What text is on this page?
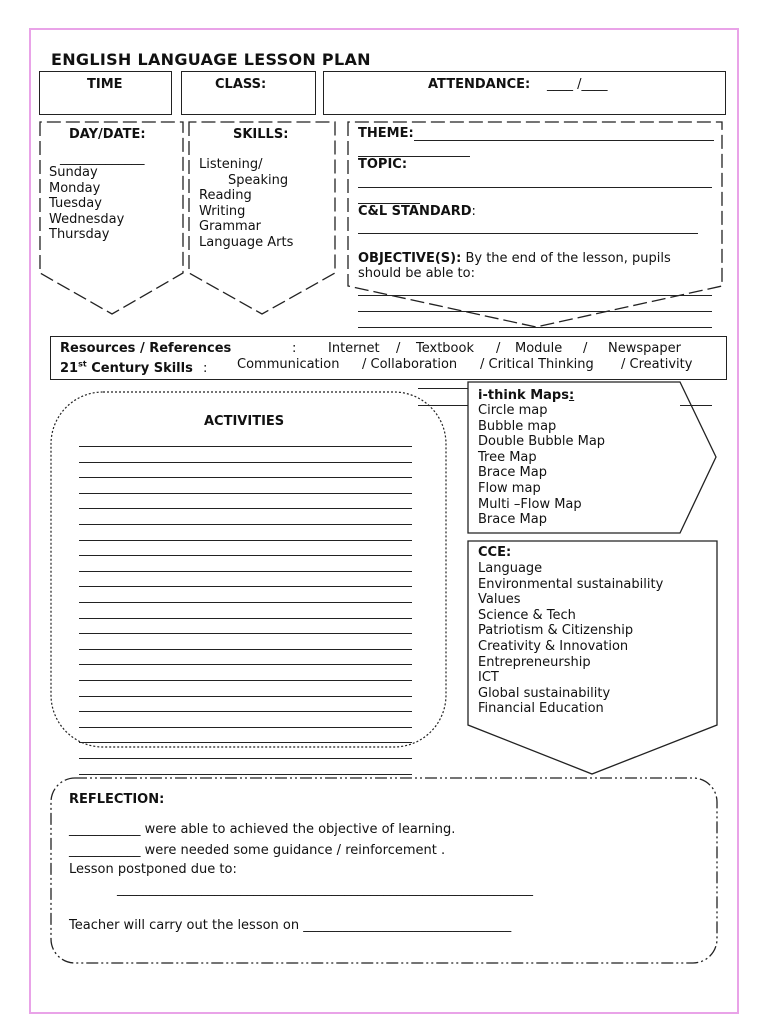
ENGLISH LANGUAGE LESSON PLAN
TIME	CLASS:	ATTENDANCE: ____ /____
DAY/DATE:
_____________
Sunday
Monday
Tuesday
Wednesday
Thursday
SKILLS:
Listening/
Speaking
Reading
Writing
Grammar
Language Arts
THEME:
TOPIC:
C&L STANDARD:
OBJECTIVE(S): By the end of the lesson, pupils
should be able to:
Resources / References	: Internet / Textbook / Module / Newspaper
21st Century Skills : Communication / Collaboration / Critical Thinking / Creativity
ACTIVITIES
i-think Maps:
Circle map
Bubble map
Double Bubble Map
Tree Map
Brace Map
Flow map
Multi –Flow Map
Brace Map
CCE:
Language
Environmental sustainability
Values
Science & Tech
Patriotism & Citizenship
Creativity & Innovation
Entrepreneurship
ICT
Global sustainability
Financial Education
REFLECTION:
___________ were able to achieved the objective of learning.
___________ were needed some guidance / reinforcement .
Lesson postponed due to:
________________________________________________________________
Teacher will carry out the lesson on ________________________________
